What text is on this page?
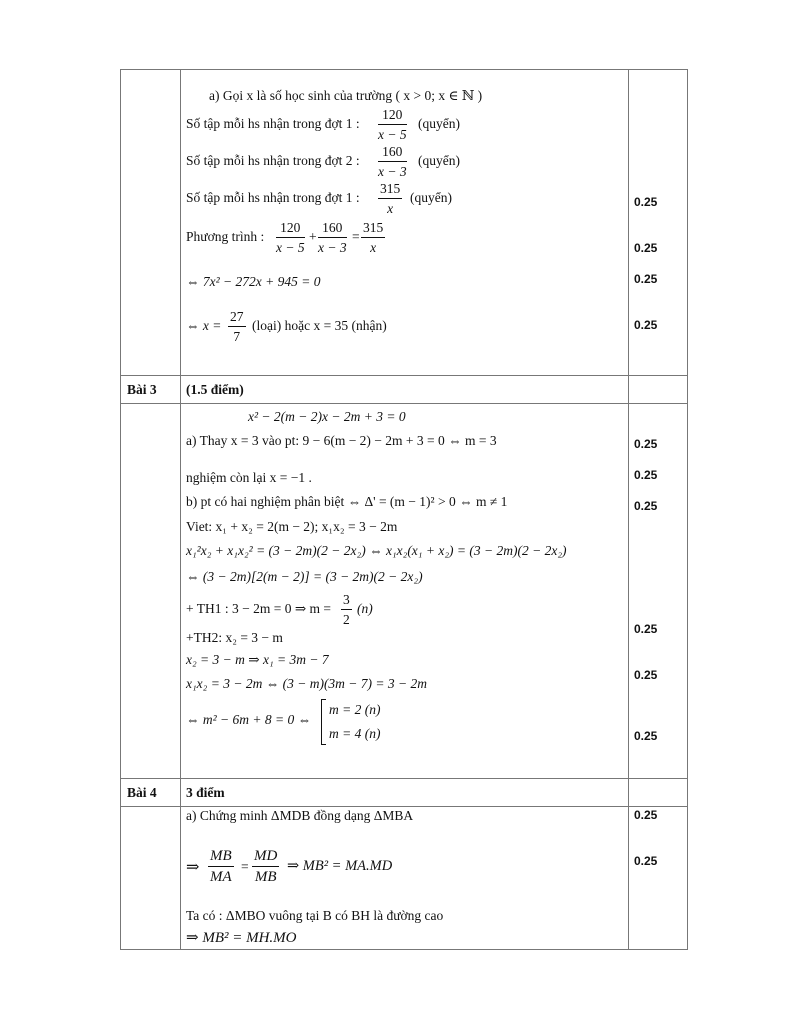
a) Gọi x là số học sinh của trường ( x > 0; x ∈ ℕ )
Số tập mỗi hs nhận trong đợt 1 : $\frac{120}{x - 5}$ (quyển)
Số tập mỗi hs nhận trong đợt 2 : $\frac{160}{x - 3}$ (quyển)
Số tập mỗi hs nhận trong đợt 1 : $\frac{315}{x}$ (quyển)
Phương trình : $\frac{120}{x - 5} + \frac{160}{x - 3} = \frac{315}{x}$
⇔ 7x² − 272x + 945 = 0
⇔ $x = \frac{27}{7}$ (loại) hoặc x = 35 (nhận)
Bài 3 (1.5 điểm)
x² − 2(m − 2)x − 2m + 3 = 0
a) Thay x = 3 vào pt: 9 − 6(m − 2) − 2m + 3 = 0 ⇔ m = 3
nghiệm còn lại x = −1 .
b) pt có hai nghiệm phân biệt ⇔ Δ' = (m − 1)² > 0 ⇔ m ≠ 1
Viet: x₁ + x₂ = 2(m − 2); x₁x₂ = 3 − 2m
x₁²x₂ + x₁x₂² = (3 − 2m)(2 − 2x₂) ⇔ x₁x₂(x₁ + x₂) = (3 − 2m)(2 − 2x₂)
⇔ (3 − 2m)[2(m − 2)] = (3 − 2m)(2 − 2x₂)
+ TH1 : 3 − 2m = 0 ⇒ $m = \frac{3}{2} (n)$
+TH2: x₂ = 3 − m
x₂ = 3 − m ⇒ x₁ = 3m − 7
x₁x₂ = 3 − 2m ⇔ (3 − m)(3m − 7) = 3 − 2m
⇔ m² − 6m + 8 = 0 ⇔
m = 2 (n)
m = 4 (n)
Bài 4 3 điểm
a) Chứng minh ΔMDB đồng dạng ΔMBA
⇒ $\frac{MB}{MA} = \frac{MD}{MB}$ ⇒ MB² = MA.MD
Ta có : ΔMBO vuông tại B có BH là đường cao
⇒ MB² = MH.MO
0.25
0.25
0.25
0.25
0.25
0.25
0.25
0.25
0.25
0.25
0.25
0.25
